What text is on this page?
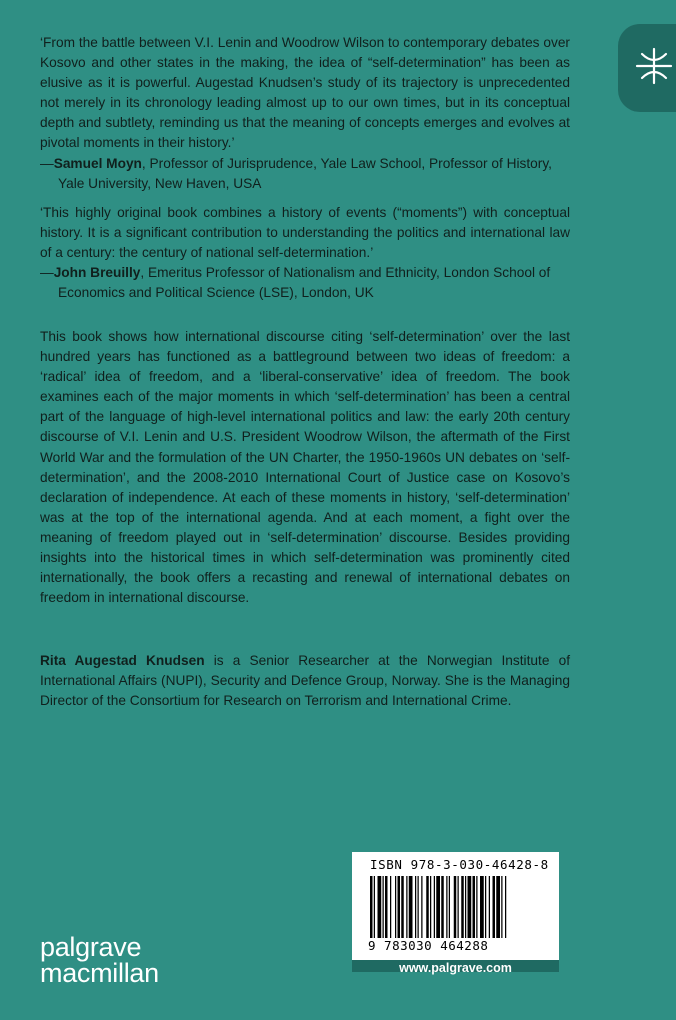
‘From the battle between V.I. Lenin and Woodrow Wilson to contemporary debates over Kosovo and other states in the making, the idea of “self-determination” has been as elusive as it is powerful. Augestad Knudsen’s study of its trajectory is unprecedented not merely in its chronology leading almost up to our own times, but in its conceptual depth and subtlety, reminding us that the meaning of concepts emerges and evolves at pivotal moments in their history.’

—Samuel Moyn, Professor of Jurisprudence, Yale Law School, Professor of History, Yale University, New Haven, USA

‘This highly original book combines a history of events (“moments”) with conceptual history. It is a significant contribution to understanding the politics and international law of a century: the century of national self-determination.’

—John Breuilly, Emeritus Professor of Nationalism and Ethnicity, London School of Economics and Political Science (LSE), London, UK

This book shows how international discourse citing ‘self-determination’ over the last hundred years has functioned as a battleground between two ideas of freedom: a ‘radical’ idea of freedom, and a ‘liberal-conservative’ idea of freedom. The book examines each of the major moments in which ‘self-determination’ has been a central part of the language of high-level international politics and law: the early 20th century discourse of V.I. Lenin and U.S. President Woodrow Wilson, the aftermath of the First World War and the formulation of the UN Charter, the 1950-1960s UN debates on ‘self-determination’, and the 2008-2010 International Court of Justice case on Kosovo’s declaration of independence. At each of these moments in history, ‘self-determination’ was at the top of the international agenda. And at each moment, a fight over the meaning of freedom played out in ‘self-determination’ discourse. Besides providing insights into the historical times in which self-determination was prominently cited internationally, the book offers a recasting and renewal of international debates on freedom in international discourse.

Rita Augestad Knudsen is a Senior Researcher at the Norwegian Institute of International Affairs (NUPI), Security and Defence Group, Norway. She is the Managing Director of the Consortium for Research on Terrorism and International Crime.

palgrave
macmillan
ISBN 978-3-030-46428-8
9 783030 464288
www.palgrave.com
